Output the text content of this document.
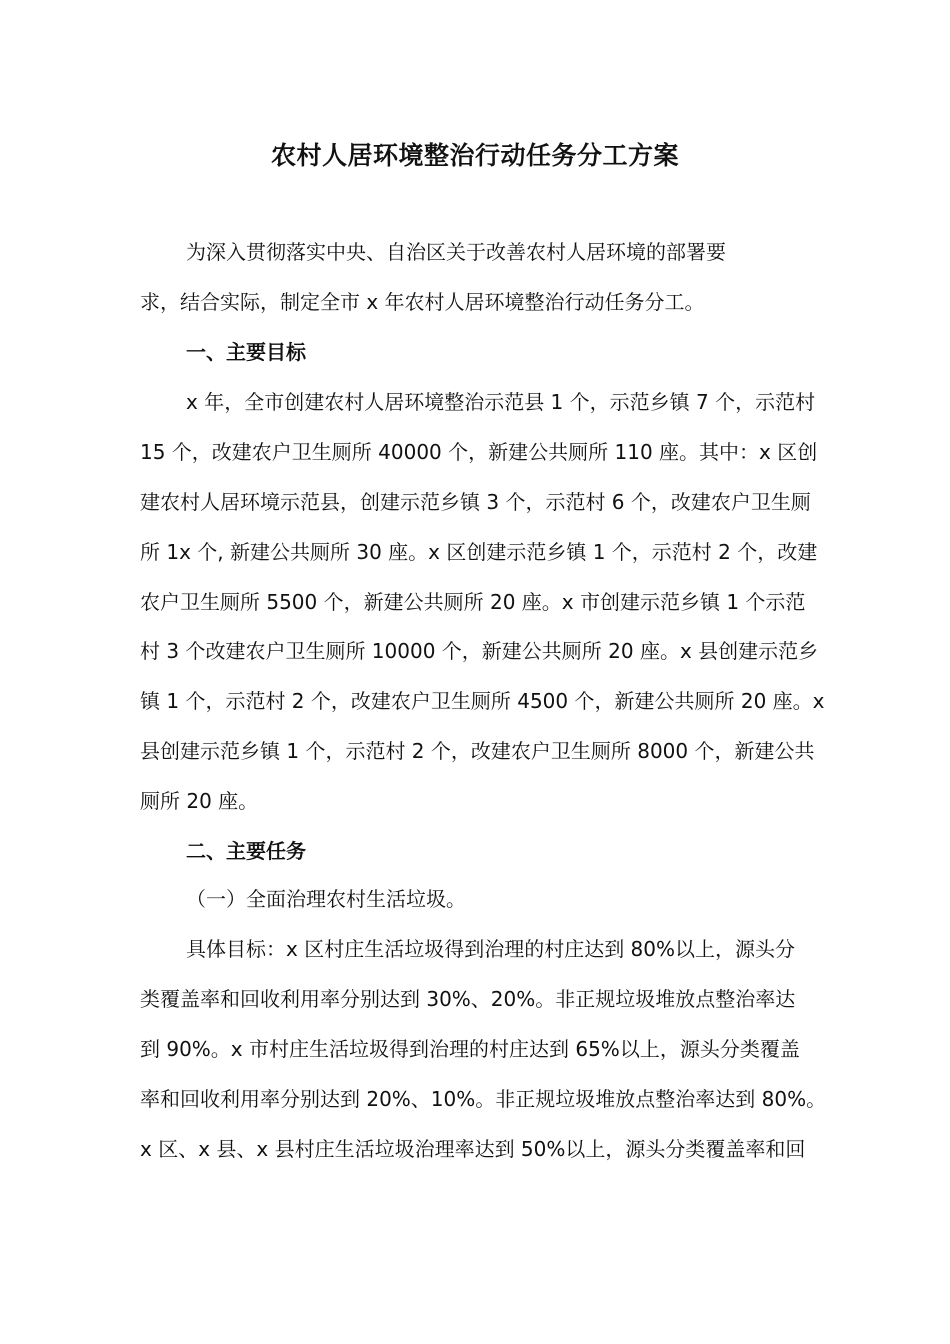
农村人居环境整治行动任务分工方案
为深入贯彻落实中央、自治区关于改善农村人居环境的部署要
求，结合实际，制定全市 x 年农村人居环境整治行动任务分工。
一、主要目标
x 年，全市创建农村人居环境整治示范县 1 个，示范乡镇 7 个，示范村
15 个，改建农户卫生厕所 40000 个，新建公共厕所 110 座。其中：x 区创
建农村人居环境示范县，创建示范乡镇 3 个，示范村 6 个，改建农户卫生厕
所 1x 个, 新建公共厕所 30 座。x 区创建示范乡镇 1 个，示范村 2 个，改建
农户卫生厕所 5500 个，新建公共厕所 20 座。x 市创建示范乡镇 1 个示范
村 3 个改建农户卫生厕所 10000 个，新建公共厕所 20 座。x 县创建示范乡
镇 1 个，示范村 2 个，改建农户卫生厕所 4500 个，新建公共厕所 20 座。x
县创建示范乡镇 1 个，示范村 2 个，改建农户卫生厕所 8000 个，新建公共
厕所 20 座。
二、主要任务
（一）全面治理农村生活垃圾。
具体目标：x 区村庄生活垃圾得到治理的村庄达到 80%以上，源头分
类覆盖率和回收利用率分别达到 30%、20%。非正规垃圾堆放点整治率达
到 90%。x 市村庄生活垃圾得到治理的村庄达到 65%以上，源头分类覆盖
率和回收利用率分别达到 20%、10%。非正规垃圾堆放点整治率达到 80%。
x 区、x 县、x 县村庄生活垃圾治理率达到 50%以上，源头分类覆盖率和回
